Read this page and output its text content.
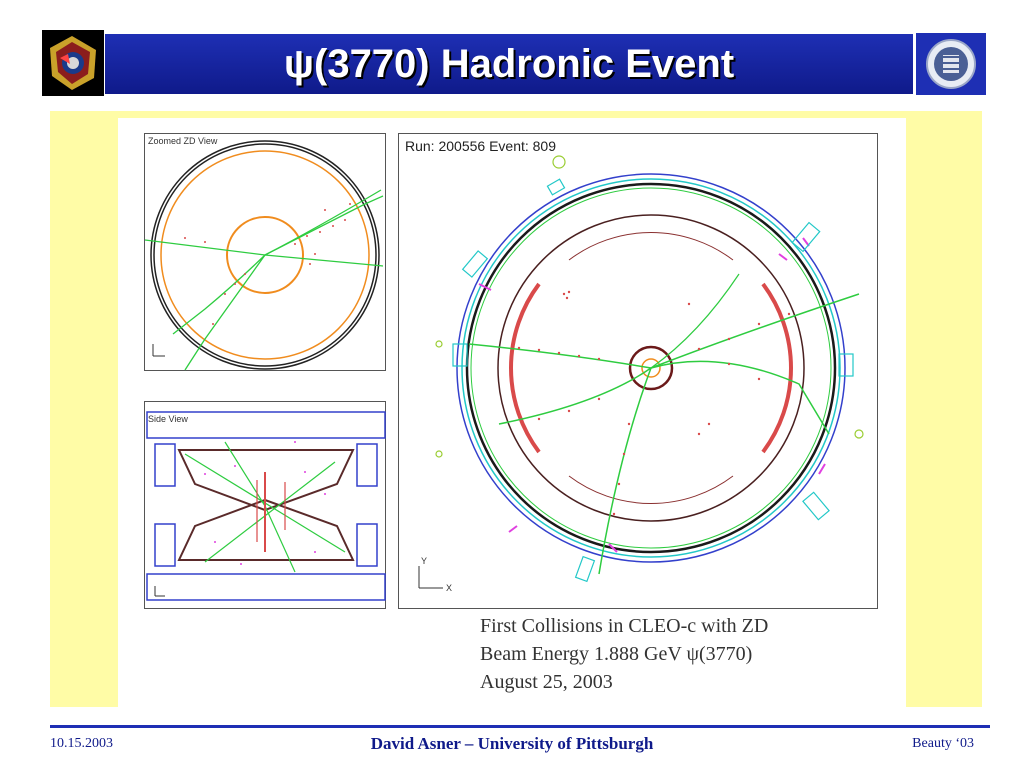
ψ(3770) Hadronic Event
Zoomed ZD View
Side View
Run: 200556 Event: 809
Y
X
First Collisions in CLEO-c with ZD
Beam Energy 1.888 GeV ψ(3770)
August 25, 2003
10.15.2003	David Asner – University of Pittsburgh	Beauty ‘03
